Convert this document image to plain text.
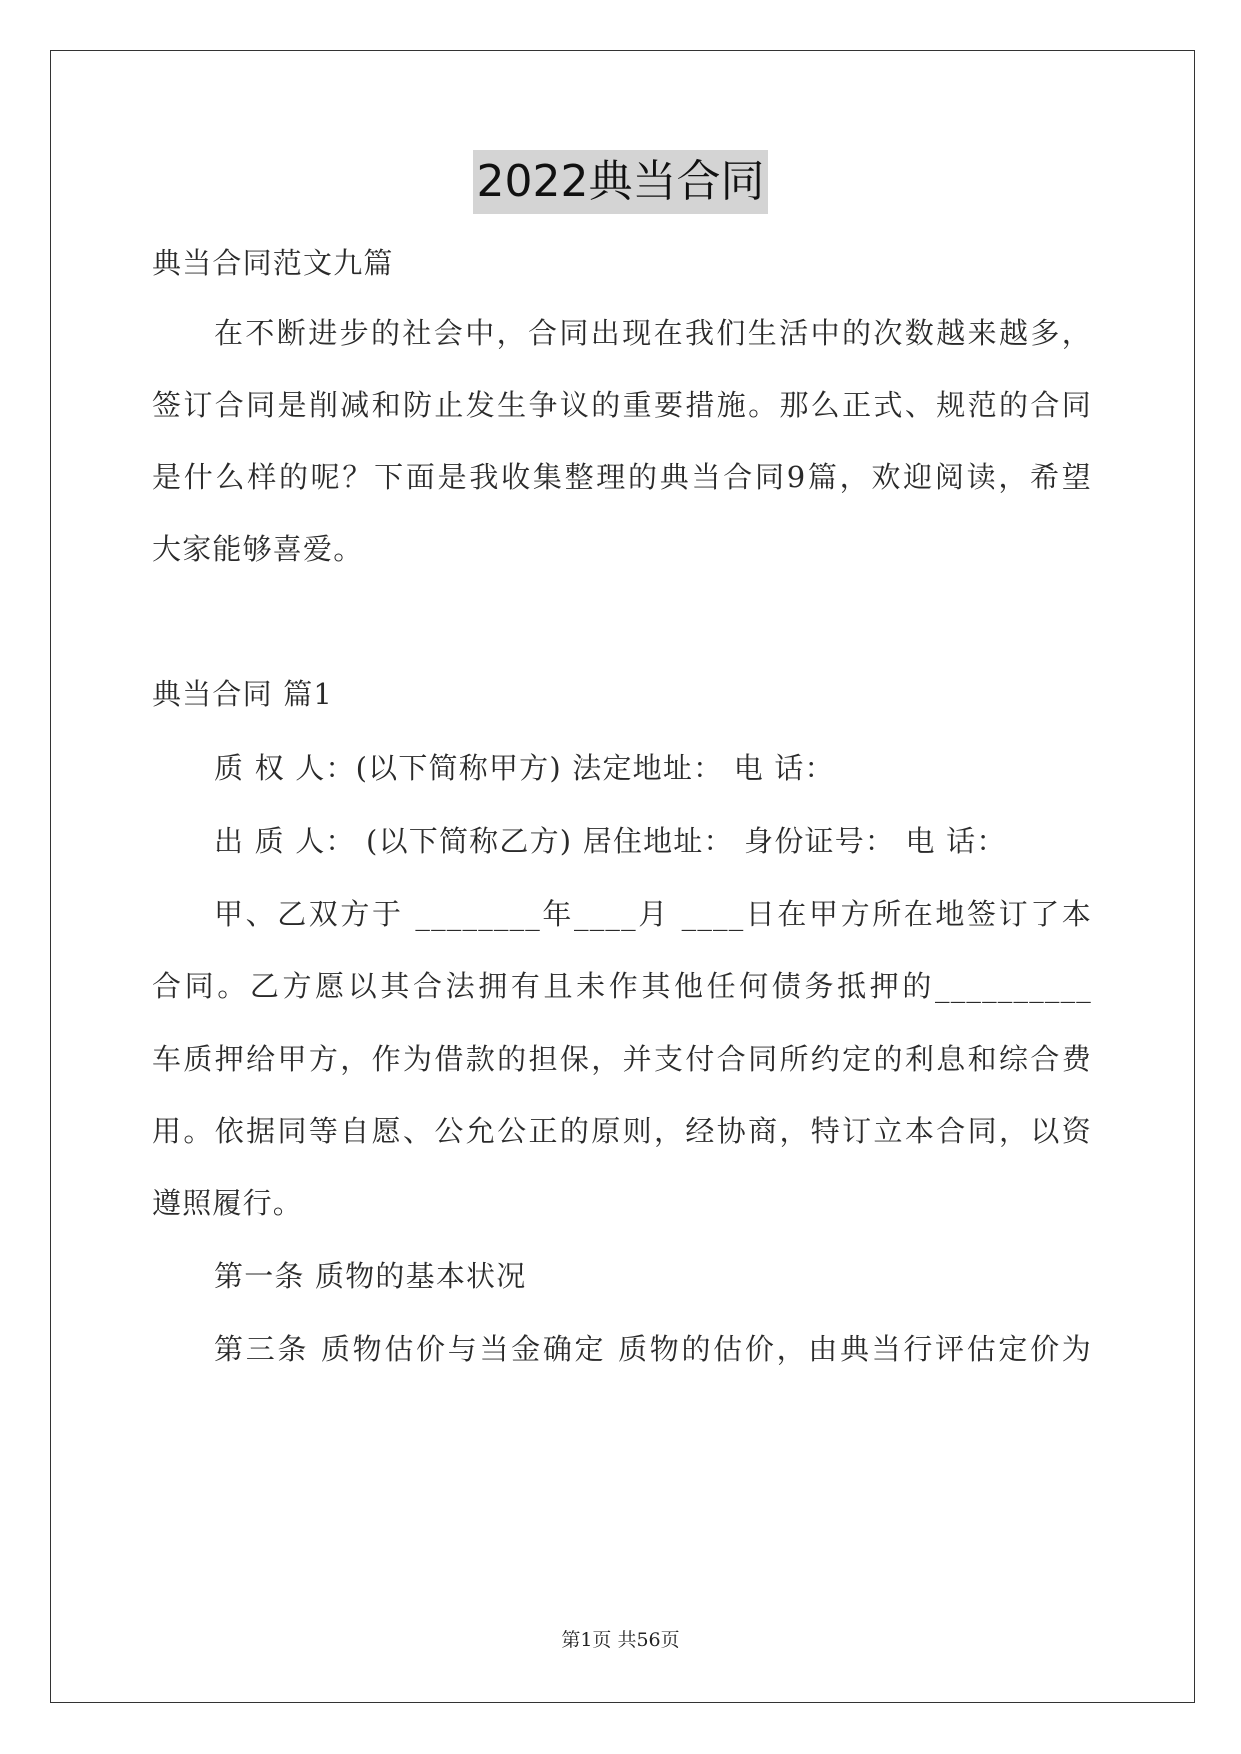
2022典当合同
典当合同范文九篇
在不断进步的社会中，合同出现在我们生活中的次数越来越多，
签订合同是削减和防止发生争议的重要措施。那么正式、规范的合同
是什么样的呢？下面是我收集整理的典当合同9篇，欢迎阅读，希望
大家能够喜爱。
典当合同 篇1
质 权 人：(以下简称甲方) 法定地址： 电 话：
出 质 人： (以下简称乙方) 居住地址： 身份证号： 电 话：
甲、乙双方于 ________年____月 ____日在甲方所在地签订了本
合同。乙方愿以其合法拥有且未作其他任何债务抵押的__________
车质押给甲方，作为借款的担保，并支付合同所约定的利息和综合费
用。依据同等自愿、公允公正的原则，经协商，特订立本合同，以资
遵照履行。
第一条 质物的基本状况
第三条 质物估价与当金确定 质物的估价，由典当行评估定价为
第1页 共56页
